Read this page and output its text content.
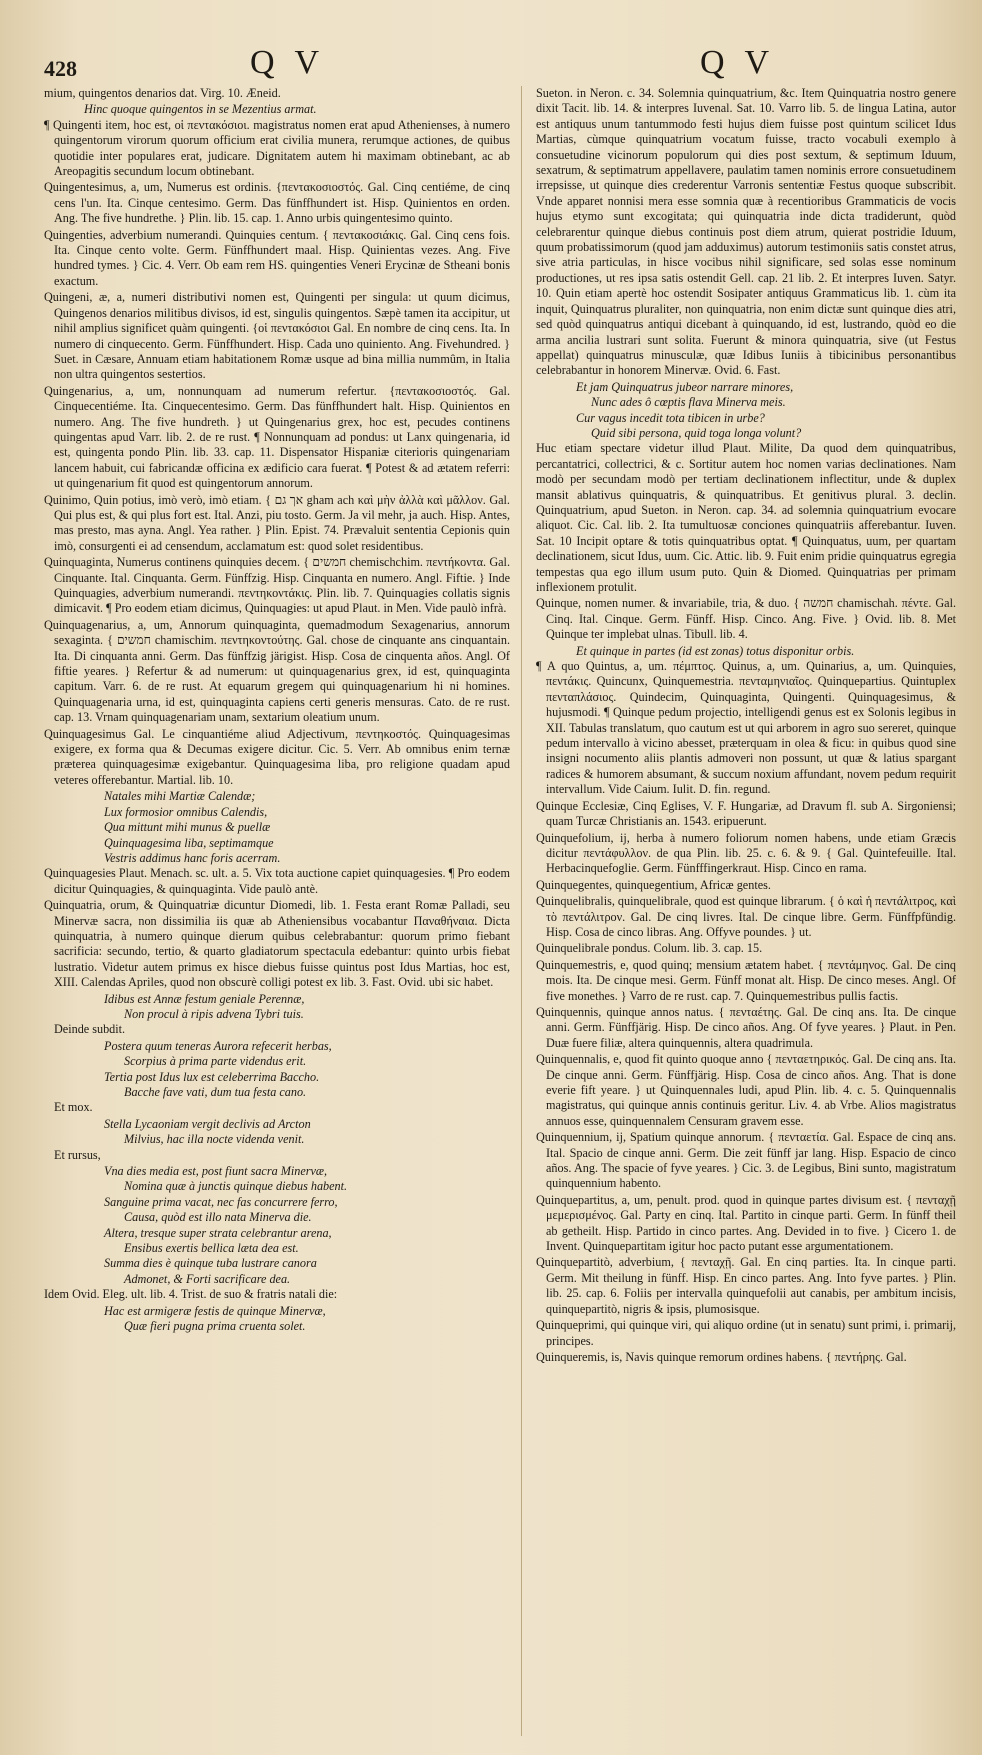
428	Q V	Q V

mium, quingentos denarios dat. Virg. 10. Æneid.

Hinc quoque quingentos in se Mezentius armat.

¶ Quingenti item, hoc est, οἱ πεντακόσιοι. magistratus nomen erat apud Athenienses, à numero quingentorum virorum quorum officium erat civilia munera, rerumque actiones, de quibus quotidie inter populares erat, judicare. Dignitatem autem hi maximam obtinebant, ac ab Areopagitis secundum locum obtinebant.

Quingentesimus, a, um, Numerus est ordinis. {πεντακοσιοστός. Gal. Cinq centiéme, de cinq cens l'un. Ita. Cinque centesimo. Germ. Das fünffhundert ist. Hisp. Quinientos en orden. Ang. The five hundrethe. } Plin. lib. 15. cap. 1. Anno urbis quingentesimo quinto.

Quingenties, adverbium numerandi. Quinquies centum. { πεντακοσιάκις. Gal. Cinq cens fois. Ita. Cinque cento volte. Germ. Fünffhundert maal. Hisp. Quinientas vezes. Ang. Five hundred tymes. } Cic. 4. Verr. Ob eam rem HS. quingenties Veneri Erycinæ de Stheani bonis exactum.

Quingeni, æ, a, numeri distributivi nomen est, Quingenti per singula: ut quum dicimus, Quingenos denarios militibus divisos, id est, singulis quingentos. Sæpè tamen ita accipitur, ut nihil amplius significet quàm quingenti. {οἱ πεντακόσιοι Gal. En nombre de cinq cens. Ita. In numero di cinquecento. Germ. Fünffhundert. Hisp. Cada uno quiniento. Ang. Fivehundred. } Suet. in Cæsare, Annuam etiam habitationem Romæ usque ad bina millia nummûm, in Italia non ultra quingentos sestertios.

Quingenarius, a, um, nonnunquam ad numerum refertur. {πεντακοσιοστός. Gal. Cinquecentiéme. Ita. Cinquecentesimo. Germ. Das fünffhundert halt. Hisp. Quinientos en numero. Ang. The five hundreth. } ut Quingenarius grex, hoc est, pecudes continens quingentas apud Varr. lib. 2. de re rust. ¶ Nonnunquam ad pondus: ut Lanx quingenaria, id est, quingenta pondo Plin. lib. 33. cap. 11. Dispensator Hispaniæ citerioris quingenariam lancem habuit, cui fabricandæ officina ex ædificio cara fuerat. ¶ Potest & ad ætatem referri: ut quingenarium fit quod est quingentorum annorum.

Quinimo, Quin potius, imò verò, imò etiam. { אך גם gham ach καὶ μὴν ἀλλὰ καὶ μᾶλλον. Gal. Qui plus est, & qui plus fort est. Ital. Anzi, piu tosto. Germ. Ja vil mehr, ja auch. Hisp. Antes, mas presto, mas ayna. Angl. Yea rather. } Plin. Epist. 74. Prævaluit sententia Cepionis quin imò, consurgenti ei ad censendum, acclamatum est: quod solet residentibus.

Quinquaginta, Numerus continens quinquies decem. { חמשים chemischchim. πεντήκοντα. Gal. Cinquante. Ital. Cinquanta. Germ. Fünffzig. Hisp. Cinquanta en numero. Angl. Fiftie. } Inde Quinquagies, adverbium numerandi. πεντηκοντάκις. Plin. lib. 7. Quinquagies collatis signis dimicavit. ¶ Pro eodem etiam dicimus, Quinquagies: ut apud Plaut. in Men. Vide paulò infrà.

Quinquagenarius, a, um, Annorum quinquaginta, quemadmodum Sexagenarius, annorum sexaginta. { חמשים chamischim. πεντηκοντούτης. Gal. chose de cinquante ans cinquantain. Ita. Di cinquanta anni. Germ. Das fünffzig järigist. Hisp. Cosa de cinquenta años. Angl. Of fiftie yeares. } Refertur & ad numerum: ut quinquagenarius grex, id est, quinquaginta capitum. Varr. 6. de re rust. At equarum gregem qui quinquagenarium hi ni homines. Quinquagenaria urna, id est, quinquaginta capiens certi generis mensuras. Cato. de re rust. cap. 13. Vrnam quinquagenariam unam, sextarium oleatium unum.

Quinquagesimus Gal. Le cinquantiéme aliud Adjectivum, πεντηκοστός. Quinquagesimas exigere, ex forma qua & Decumas exigere dicitur. Cic. 5. Verr. Ab omnibus enim ternæ præterea quinquagesimæ exigebantur. Quinquagesima liba, pro religione quadam apud veteres offerebantur. Martial. lib. 10.

Natales mihi Martiæ Calendæ;

Lux formosior omnibus Calendis,

Qua mittunt mihi munus & puellæ

Quinquagesima liba, septimamque

Vestris addimus hanc foris acerram.

Quinquagesies Plaut. Menach. sc. ult. a. 5. Vix tota auctione capiet quinquagesies. ¶ Pro eodem dicitur Quinquagies, & quinquaginta. Vide paulò antè.

Quinquatria, orum, & Quinquatriæ dicuntur Diomedi, lib. 1. Festa erant Romæ Palladi, seu Minervæ sacra, non dissimilia iis quæ ab Atheniensibus vocabantur Παναθήναια. Dicta quinquatria, à numero quinque dierum quibus celebrabantur: quorum primo fiebant sacrificia: secundo, tertio, & quarto gladiatorum spectacula edebantur: quinto urbis fiebat lustratio. Videtur autem primus ex hisce diebus fuisse quintus post Idus Martias, hoc est, XIII. Calendas Apriles, quod non obscurè colligi potest ex lib. 3. Fast. Ovid. ubi sic habet.

Idibus est Annæ festum geniale Perennæ,

Non procul à ripis advena Tybri tuis.

Deinde subdit.

Postera quum teneras Aurora refecerit herbas,

Scorpius à prima parte videndus erit.

Tertia post Idus lux est celeberrima Baccho.

Bacche fave vati, dum tua festa cano.

Et mox.

Stella Lycaoniam vergit declivis ad Arcton

Milvius, hac illa nocte videnda venit.

Et rursus,

Vna dies media est, post fiunt sacra Minervæ,

Nomina quæ à junctis quinque diebus habent.

Sanguine prima vacat, nec fas concurrere ferro,

Causa, quòd est illo nata Minerva die.

Altera, tresque super strata celebrantur arena,

Ensibus exertis bellica læta dea est.

Summa dies è quinque tuba lustrare canora

Admonet, & Forti sacrificare dea.

Idem Ovid. Eleg. ult. lib. 4. Trist. de suo & fratris natali die:

Hac est armigeræ festis de quinque Minervæ,

Quæ fieri pugna prima cruenta solet.

Sueton. in Neron. c. 34. Solemnia quinquatrium, &c. Item Quinquatria nostro genere dixit Tacit. lib. 14. & interpres Iuvenal. Sat. 10. Varro lib. 5. de lingua Latina, autor est antiquus unum tantummodo festi hujus diem fuisse post quintum scilicet Idus Martias, cùmque quinquatrium vocatum fuisse, tracto vocabuli exemplo à consuetudine vicinorum populorum qui dies post sextum, & septimum Iduum, sexatrum, & septimatrum appellavere, paulatim tamen nominis errore consuetudinem irrepsisse, ut quinque dies crederentur Varronis sententiæ Festus quoque subscribit. Vnde apparet nonnisi mera esse somnia quæ à recentioribus Grammaticis de vocis hujus etymo sunt excogitata; qui quinquatria inde dicta tradiderunt, quòd celebrarentur quinque diebus continuis post diem atrum, quierat postridie Iduum, quum probatissimorum (quod jam adduximus) autorum testimoniis satis constet atrus, sive atria particulas, in hisce vocibus nihil significare, sed solas esse nominum productiones, ut res ipsa satis ostendit Gell. cap. 21 lib. 2. Et interpres Iuven. Satyr. 10. Quin etiam apertè hoc ostendit Sosipater antiquus Grammaticus lib. 1. cùm ita inquit, Quinquatrus pluraliter, non quinquatria, non enim dictæ sunt quinque dies atri, sed quòd quinquatrus antiqui dicebant à quinquando, id est, lustrando, quòd eo die arma ancilia lustrari sunt solita. Fuerunt & minora quinquatria, sive (ut Festus appellat) quinquatrus minusculæ, quæ Idibus Iuniis à tibicinibus personantibus celebrabantur in honorem Minervæ. Ovid. 6. Fast.

Et jam Quinquatrus jubeor narrare minores,

Nunc ades ô cœptis flava Minerva meis.

Cur vagus incedit tota tibicen in urbe?

Quid sibi persona, quid toga longa volunt?

Huc etiam spectare videtur illud Plaut. Milite, Da quod dem quinquatribus, percantatrici, collectrici, & c. Sortitur autem hoc nomen varias declinationes. Nam modò per secundam modò per tertiam declinationem inflectitur, unde & duplex mansit ablativus quinquatris, & quinquatribus. Et genitivus plural. 3. declin. Quinquatrium, apud Sueton. in Neron. cap. 34. ad solemnia quinquatrium evocare aliquot. Cic. Cal. lib. 2. Ita tumultuosæ conciones quinquatriis afferebantur. Iuven. Sat. 10 Incipit optare & totis quinquatribus optat. ¶ Quinquatus, uum, per quartam declinationem, sicut Idus, uum. Cic. Attic. lib. 9. Fuit enim pridie quinquatrus egregia tempestas qua ego illum usum puto. Quin & Diomed. Quinquatrias per primam inflexionem protulit.

Quinque, nomen numer. & invariabile, tria, & duo. { חמשה chamischah. πέντε. Gal. Cinq. Ital. Cinque. Germ. Fünff. Hisp. Cinco. Ang. Five. } Ovid. lib. 8. Met Quinque ter implebat ulnas. Tibull. lib. 4.

Et quinque in partes (id est zonas) totus disponitur orbis.

¶ A quo Quintus, a, um. πέμπτος. Quinus, a, um. Quinarius, a, um. Quinquies, πεντάκις. Quincunx, Quinquemestria. πενταμηνιαῖος. Quinquepartius. Quintuplex πενταπλάσιος. Quindecim, Quinquaginta, Quingenti. Quinquagesimus, & hujusmodi. ¶ Quinque pedum projectio, intelligendi genus est ex Solonis legibus in XII. Tabulas translatum, quo cautum est ut qui arborem in agro suo sereret, quinque pedum intervallo à vicino abesset, præterquam in olea & ficu: in quibus quod sine insigni nocumento aliis plantis admoveri non possunt, ut quæ & latius spargant radices & humorem absumant, & succum noxium affundant, novem pedum requirit intervallum. Vide Caium. Iulit. D. fin. regund.

Quinque Ecclesiæ, Cinq Eglises, V. F. Hungariæ, ad Dravum fl. sub A. Sirgoniensi; quam Turcæ Christianis an. 1543. eripuerunt.

Quinquefolium, ij, herba à numero foliorum nomen habens, unde etiam Græcis dicitur πεντάφυλλον. de qua Plin. lib. 25. c. 6. & 9. { Gal. Quintefeuille. Ital. Herbacinquefoglie. Germ. Fünfffingerkraut. Hisp. Cinco en rama.

Quinquegentes, quinquegentium, Africæ gentes.

Quinquelibralis, quinquelibrale, quod est quinque librarum. { ὁ καὶ ἡ πεντάλιτρος, καὶ τὸ πεντάλιτρον. Gal. De cinq livres. Ital. De cinque libre. Germ. Fünffpfündig. Hisp. Cosa de cinco libras. Ang. Offyve poundes. } ut.

Quinquelibrale pondus. Colum. lib. 3. cap. 15.

Quinquemestris, e, quod quinq; mensium ætatem habet. { πεντάμηνος. Gal. De cinq mois. Ita. De cinque mesi. Germ. Fünff monat alt. Hisp. De cinco meses. Angl. Of five monethes. } Varro de re rust. cap. 7. Quinquemestribus pullis factis.

Quinquennis, quinque annos natus. { πενταέτης. Gal. De cinq ans. Ita. De cinque anni. Germ. Fünffjärig. Hisp. De cinco años. Ang. Of fyve yeares. } Plaut. in Pen. Duæ fuere filiæ, altera quinquennis, altera quadrimula.

Quinquennalis, e, quod fit quinto quoque anno { πενταετηρικός. Gal. De cinq ans. Ita. De cinque anni. Germ. Fünffjärig. Hisp. Cosa de cinco años. Ang. That is done everie fift yeare. } ut Quinquennales ludi, apud Plin. lib. 4. c. 5. Quinquennalis magistratus, qui quinque annis continuis geritur. Liv. 4. ab Vrbe. Alios magistratus annuos esse, quinquennalem Censuram gravem esse.

Quinquennium, ij, Spatium quinque annorum. { πενταετία. Gal. Espace de cinq ans. Ital. Spacio de cinque anni. Germ. Die zeit fünff jar lang. Hisp. Espacio de cinco años. Ang. The spacie of fyve yeares. } Cic. 3. de Legibus, Bini sunto, magistratum quinquennium habento.

Quinquepartitus, a, um, penult. prod. quod in quinque partes divisum est. { πενταχῇ μεμερισμένος. Gal. Party en cinq. Ital. Partito in cinque parti. Germ. In fünff theil ab getheilt. Hisp. Partido in cinco partes. Ang. Devided in to five. } Cicero 1. de Invent. Quinquepartitam igitur hoc pacto putant esse argumentationem.

Quinquepartitò, adverbium, { πενταχῇ. Gal. En cinq parties. Ita. In cinque parti. Germ. Mit theilung in fünff. Hisp. En cinco partes. Ang. Into fyve partes. } Plin. lib. 25. cap. 6. Foliis per intervalla quinquefolii aut canabis, per ambitum incisis, quinquepartitò, nigris & ipsis, plumosisque.

Quinqueprimi, qui quinque viri, qui aliquo ordine (ut in senatu) sunt primi, i. primarij, principes.

Quinqueremis, is, Navis quinque remorum ordines habens. { πεντήρης. Gal.
